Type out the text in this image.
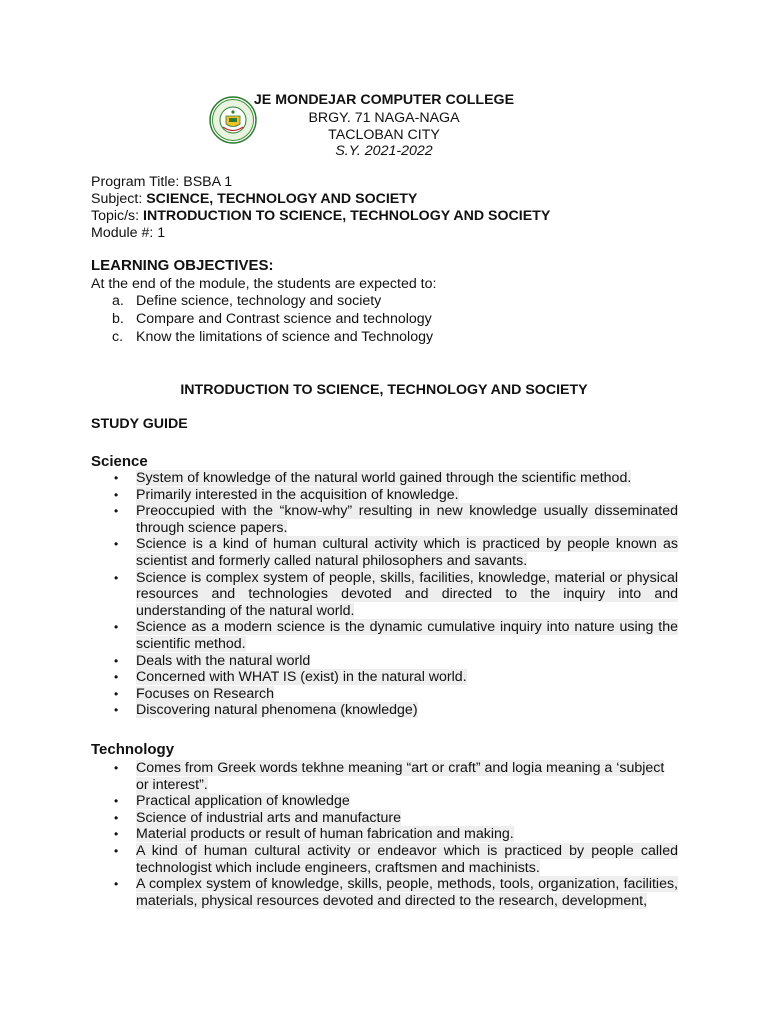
JE MONDEJAR COMPUTER COLLEGE
BRGY. 71 NAGA-NAGA
TACLOBAN CITY
S.Y. 2021-2022
Program Title: BSBA 1
Subject: SCIENCE, TECHNOLOGY AND SOCIETY
Topic/s: INTRODUCTION TO SCIENCE, TECHNOLOGY AND SOCIETY
Module #: 1
LEARNING OBJECTIVES:
At the end of the module, the students are expected to:
a. Define science, technology and society
b. Compare and Contrast science and technology
c. Know the limitations of science and Technology
INTRODUCTION TO SCIENCE, TECHNOLOGY AND SOCIETY
STUDY GUIDE
Science
• System of knowledge of the natural world gained through the scientific method.
• Primarily interested in the acquisition of knowledge.
• Preoccupied with the “know-why” resulting in new knowledge usually disseminated through science papers.
• Science is a kind of human cultural activity which is practiced by people known as scientist and formerly called natural philosophers and savants.
• Science is complex system of people, skills, facilities, knowledge, material or physical resources and technologies devoted and directed to the inquiry into and understanding of the natural world.
• Science as a modern science is the dynamic cumulative inquiry into nature using the scientific method.
• Deals with the natural world
• Concerned with WHAT IS (exist) in the natural world.
• Focuses on Research
• Discovering natural phenomena (knowledge)
Technology
• Comes from Greek words tekhne meaning “art or craft” and logia meaning a ‘subject or interest”.
• Practical application of knowledge
• Science of industrial arts and manufacture
• Material products or result of human fabrication and making.
• A kind of human cultural activity or endeavor which is practiced by people called technologist which include engineers, craftsmen and machinists.
• A complex system of knowledge, skills, people, methods, tools, organization, facilities, materials, physical resources devoted and directed to the research, development,
